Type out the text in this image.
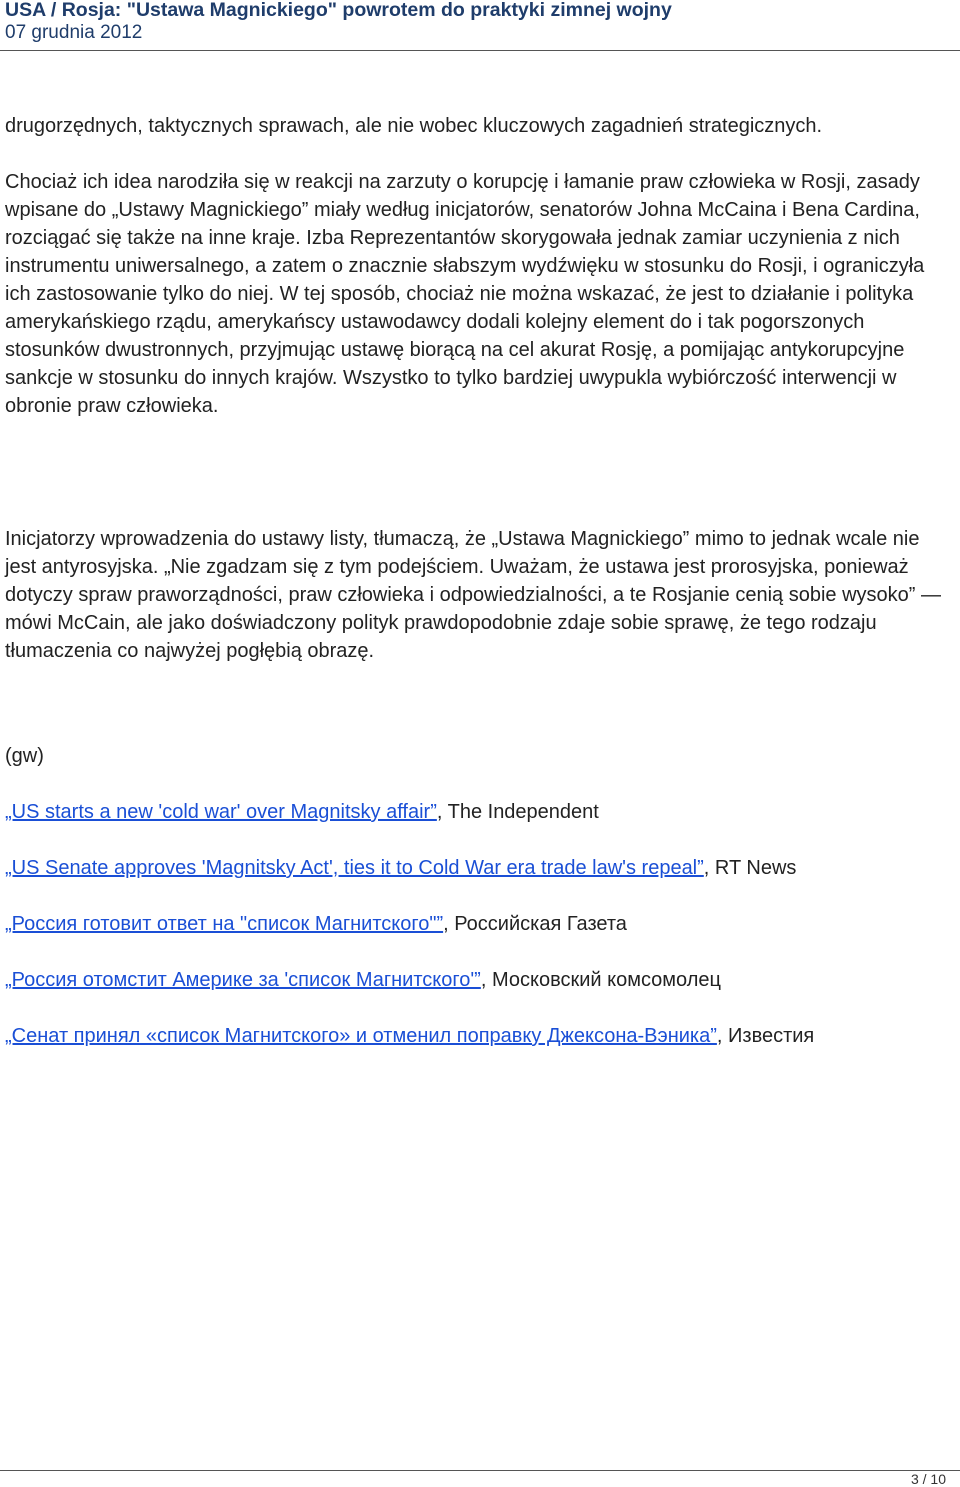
USA / Rosja: "Ustawa Magnickiego" powrotem do praktyki zimnej wojny
07 grudnia 2012

drugorzędnych, taktycznych sprawach, ale nie wobec kluczowych zagadnień strategicznych.

Chociaż ich idea narodziła się w reakcji na zarzuty o korupcję i łamanie praw człowieka w Rosji, zasady wpisane do „Ustawy Magnickiego” miały według inicjatorów, senatorów Johna McCaina i Bena Cardina, rozciągać się także na inne kraje. Izba Reprezentantów skorygowała jednak zamiar uczynienia z nich instrumentu uniwersalnego, a zatem o znacznie słabszym wydźwięku w stosunku do Rosji, i ograniczyła ich zastosowanie tylko do niej. W tej sposób, chociaż nie można wskazać, że jest to działanie i polityka amerykańskiego rządu, amerykańscy ustawodawcy dodali kolejny element do i tak pogorszonych stosunków dwustronnych, przyjmując ustawę biorącą na cel akurat Rosję, a pomijając antykorupcyjne sankcje w stosunku do innych krajów. Wszystko to tylko bardziej uwypukla wybiórczość interwencji w obronie praw człowieka.

Inicjatorzy wprowadzenia do ustawy listy, tłumaczą, że „Ustawa Magnickiego” mimo to jednak wcale nie jest antyrosyjska. „Nie zgadzam się z tym podejściem. Uważam, że ustawa jest prorosyjska, ponieważ dotyczy spraw praworządności, praw człowieka i odpowiedzialności, a te Rosjanie cenią sobie wysoko” — mówi McCain, ale jako doświadczony polityk prawdopodobnie zdaje sobie sprawę, że tego rodzaju tłumaczenia co najwyżej pogłębią obrazę.

(gw)

„US starts a new 'cold war' over Magnitsky affair”, The Independent

„US Senate approves 'Magnitsky Act', ties it to Cold War era trade law's repeal”, RT News

„Россия готовит ответ на "список Магнитского"”, Российская Газета

„Россия отомстит Америке за 'список Магнитского'”, Московский комсомолец

„Сенат принял «список Магнитского» и отменил поправку Джексона-Вэника”, Известия

3 / 10
